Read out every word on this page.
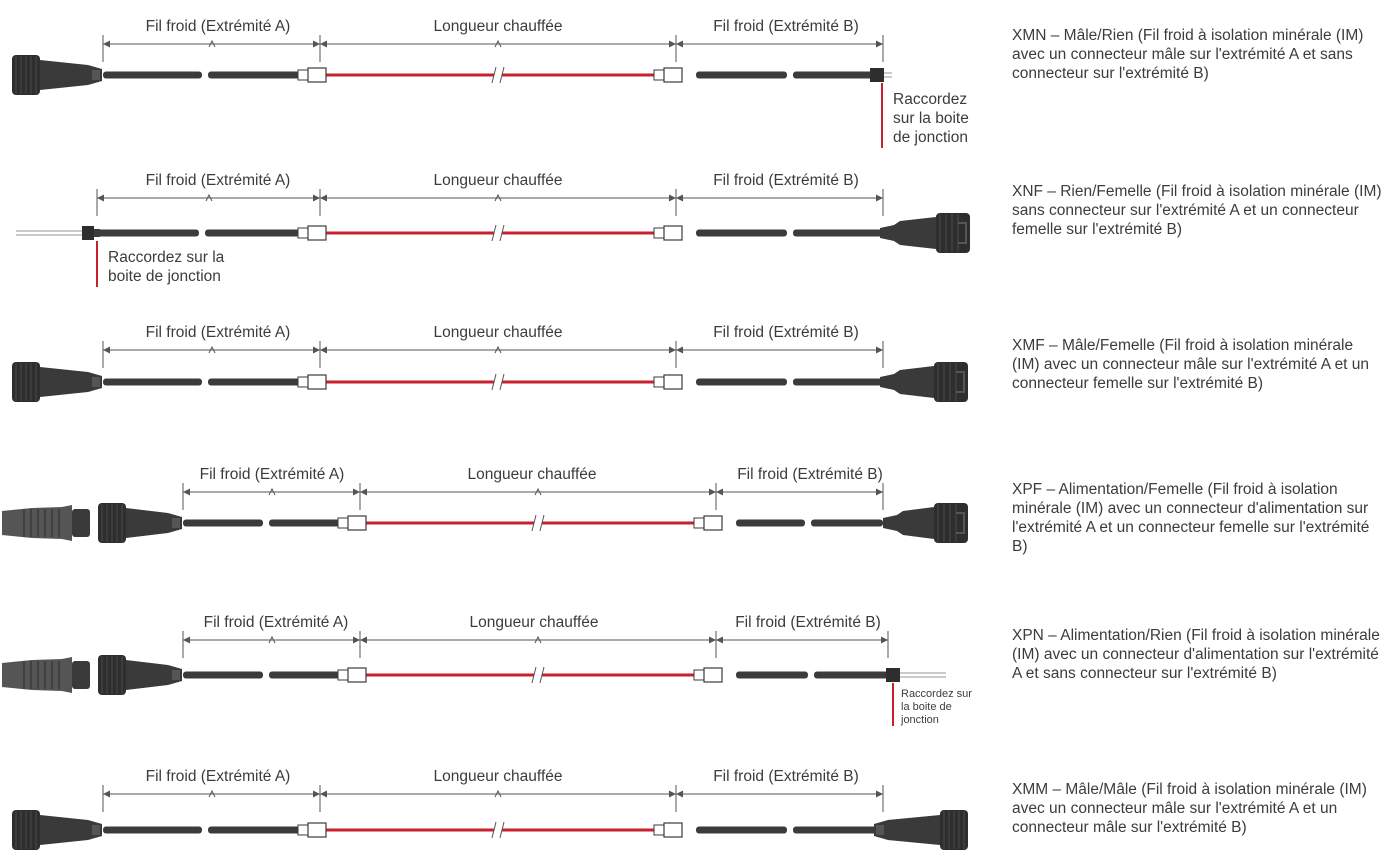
Fil froid (Extrémité A)	Longueur chauffée	Fil froid (Extrémité B)
Raccordez
sur la boite
de jonction
Fil froid (Extrémité A)	Longueur chauffée	Fil froid (Extrémité B)
Raccordez sur la
boite de jonction
Fil froid (Extrémité A)	Longueur chauffée	Fil froid (Extrémité B)
Fil froid (Extrémité A)	Longueur chauffée	Fil froid (Extrémité B)
Fil froid (Extrémité A)	Longueur chauffée	Fil froid (Extrémité B)
Raccordez sur
la boite de
jonction
Fil froid (Extrémité A)	Longueur chauffée	Fil froid (Extrémité B)
XMN – Mâle/Rien (Fil froid à isolation minérale (IM) avec un connecteur mâle sur l'extrémité A et sans connecteur sur l'extrémité B)
XNF – Rien/Femelle (Fil froid à isolation minérale (IM) sans connecteur sur l'extrémité A et un connecteur femelle sur l'extrémité B)
XMF – Mâle/Femelle (Fil froid à isolation minérale (IM) avec un connecteur mâle sur l'extrémité A et un connecteur femelle sur l'extrémité B)
XPF – Alimentation/Femelle (Fil froid à isolation minérale (IM) avec un connecteur d'alimentation sur l'extrémité A et un connecteur femelle sur l'extrémité B)
XPN – Alimentation/Rien (Fil froid à isolation minérale (IM) avec un connecteur d'alimentation sur l'extrémité A et sans connecteur sur l'extrémité B)
XMM – Mâle/Mâle (Fil froid à isolation minérale (IM) avec un connecteur mâle sur l'extrémité A et un connecteur mâle sur l'extrémité B)
